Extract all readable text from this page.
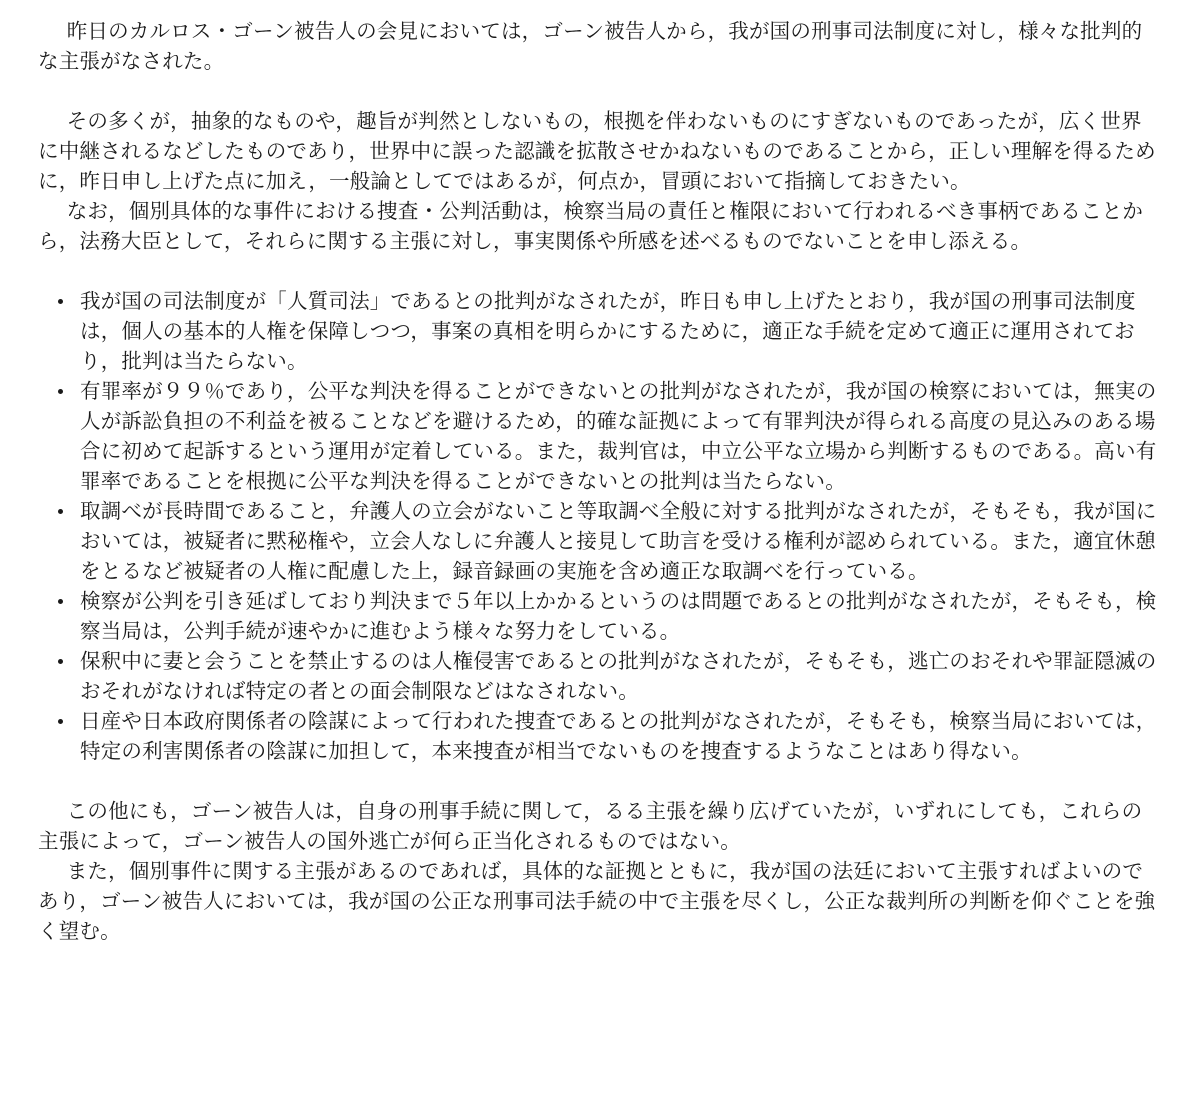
昨日のカルロス・ゴーン被告人の会見においては，ゴーン被告人から，我が国の刑事司法制度に対し，様々な批判的な主張がなされた。

その多くが，抽象的なものや，趣旨が判然としないもの，根拠を伴わないものにすぎないものであったが，広く世界に中継されるなどしたものであり，世界中に誤った認識を拡散させかねないものであることから，正しい理解を得るために，昨日申し上げた点に加え，一般論としてではあるが，何点か，冒頭において指摘しておきたい。

なお，個別具体的な事件における捜査・公判活動は，検察当局の責任と権限において行われるべき事柄であることから，法務大臣として，それらに関する主張に対し，事実関係や所感を述べるものでないことを申し添える。

我が国の司法制度が「人質司法」であるとの批判がなされたが，昨日も申し上げたとおり，我が国の刑事司法制度は，個人の基本的人権を保障しつつ，事案の真相を明らかにするために，適正な手続を定めて適正に運用されており，批判は当たらない。
有罪率が９９％であり，公平な判決を得ることができないとの批判がなされたが，我が国の検察においては，無実の人が訴訟負担の不利益を被ることなどを避けるため，的確な証拠によって有罪判決が得られる高度の見込みのある場合に初めて起訴するという運用が定着している。また，裁判官は，中立公平な立場から判断するものである。高い有罪率であることを根拠に公平な判決を得ることができないとの批判は当たらない。
取調べが長時間であること，弁護人の立会がないこと等取調べ全般に対する批判がなされたが，そもそも，我が国においては，被疑者に黙秘権や，立会人なしに弁護人と接見して助言を受ける権利が認められている。また，適宜休憩をとるなど被疑者の人権に配慮した上，録音録画の実施を含め適正な取調べを行っている。
検察が公判を引き延ばしており判決まで５年以上かかるというのは問題であるとの批判がなされたが，そもそも，検察当局は，公判手続が速やかに進むよう様々な努力をしている。
保釈中に妻と会うことを禁止するのは人権侵害であるとの批判がなされたが，そもそも，逃亡のおそれや罪証隠滅のおそれがなければ特定の者との面会制限などはなされない。
日産や日本政府関係者の陰謀によって行われた捜査であるとの批判がなされたが，そもそも，検察当局においては，特定の利害関係者の陰謀に加担して，本来捜査が相当でないものを捜査するようなことはあり得ない。

この他にも，ゴーン被告人は，自身の刑事手続に関して，るる主張を繰り広げていたが，いずれにしても，これらの主張によって，ゴーン被告人の国外逃亡が何ら正当化されるものではない。

また，個別事件に関する主張があるのであれば，具体的な証拠とともに，我が国の法廷において主張すればよいのであり，ゴーン被告人においては，我が国の公正な刑事司法手続の中で主張を尽くし，公正な裁判所の判断を仰ぐことを強く望む。
